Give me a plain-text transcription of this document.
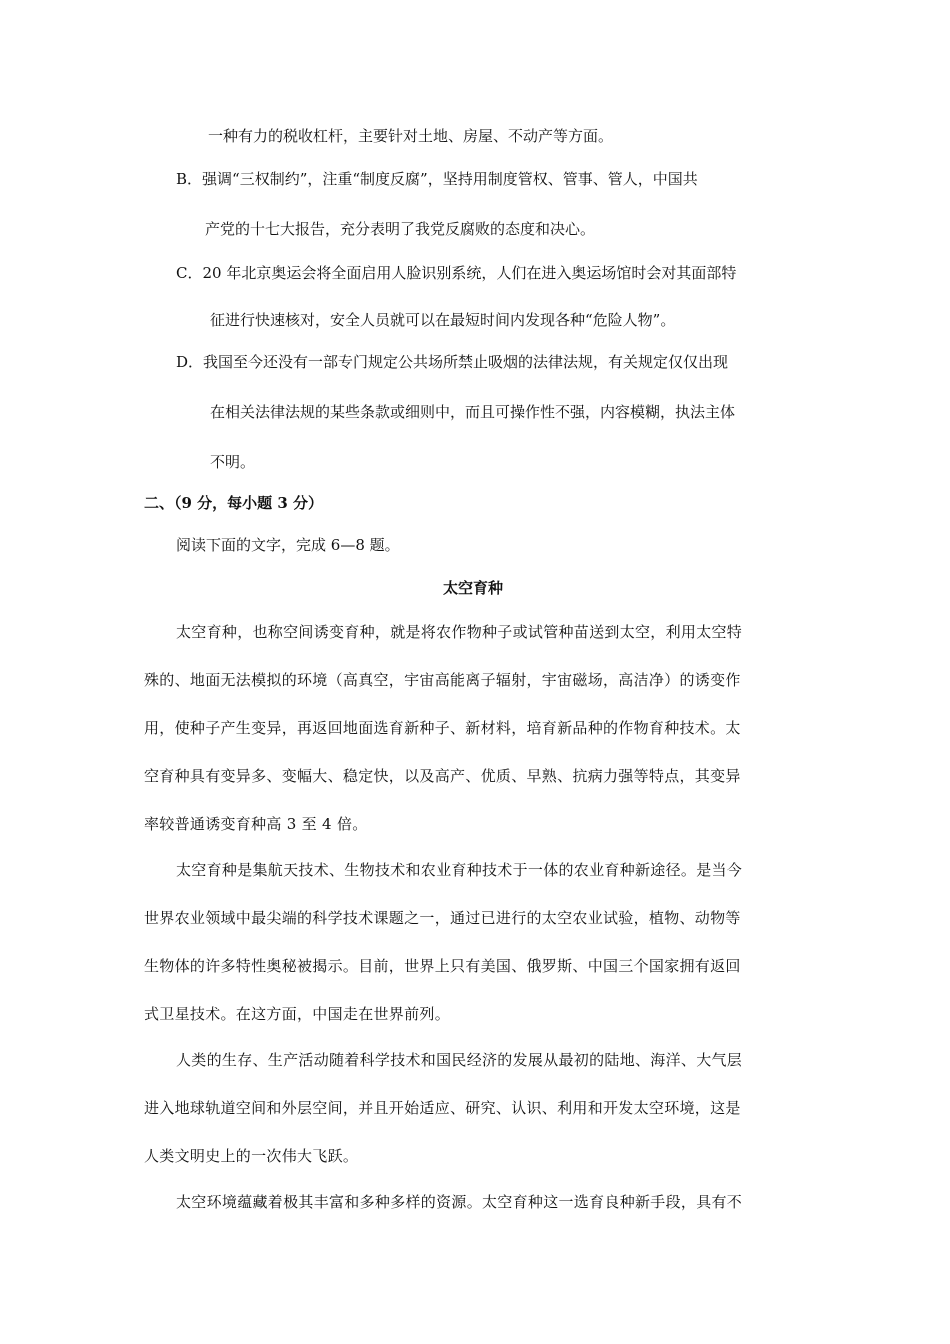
一种有力的税收杠杆，主要针对土地、房屋、不动产等方面。

B．强调“三权制约”，注重“制度反腐”，坚持用制度管权、管事、管人，中国共

产党的十七大报告，充分表明了我党反腐败的态度和决心。

C．20 年北京奥运会将全面启用人脸识别系统，人们在进入奥运场馆时会对其面部特

征进行快速核对，安全人员就可以在最短时间内发现各种“危险人物”。

D．我国至今还没有一部专门规定公共场所禁止吸烟的法律法规，有关规定仅仅出现

在相关法律法规的某些条款或细则中，而且可操作性不强，内容模糊，执法主体

不明。

二、（9 分，每小题 3 分）

阅读下面的文字，完成 6—8 题。

太空育种

太空育种，也称空间诱变育种，就是将农作物种子或试管种苗送到太空，利用太空特

殊的、地面无法模拟的环境（高真空，宇宙高能离子辐射，宇宙磁场，高洁净）的诱变作

用，使种子产生变异，再返回地面选育新种子、新材料，培育新品种的作物育种技术。太

空育种具有变异多、变幅大、稳定快，以及高产、优质、早熟、抗病力强等特点，其变异

率较普通诱变育种高 3 至 4 倍。

太空育种是集航天技术、生物技术和农业育种技术于一体的农业育种新途径。是当今

世界农业领域中最尖端的科学技术课题之一，通过已进行的太空农业试验，植物、动物等

生物体的许多特性奥秘被揭示。目前，世界上只有美国、俄罗斯、中国三个国家拥有返回

式卫星技术。在这方面，中国走在世界前列。

人类的生存、生产活动随着科学技术和国民经济的发展从最初的陆地、海洋、大气层

进入地球轨道空间和外层空间，并且开始适应、研究、认识、利用和开发太空环境，这是

人类文明史上的一次伟大飞跃。

太空环境蕴藏着极其丰富和多种多样的资源。太空育种这一选育良种新手段，具有不
